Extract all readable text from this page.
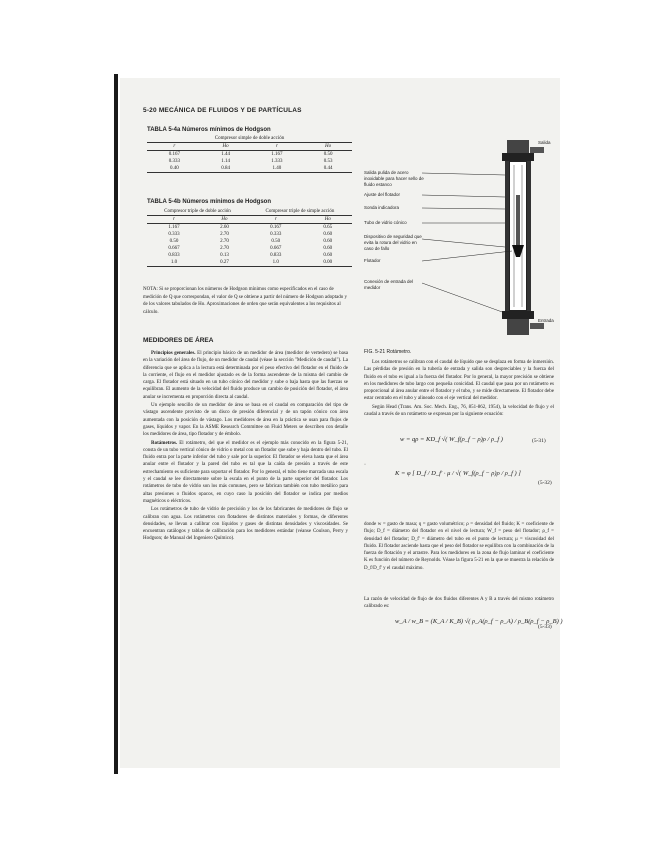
5-20 MECÁNICA DE FLUIDOS Y DE PARTÍCULAS
TABLA 5-4a Números mínimos de Hodgson
Compresor simple de doble acción			
r	Ho	r	Ho
0.167	1.44	1.167	0.50
0.333	1.14	1.333	0.53
0.40	0.84	1.40	0.44
TABLA 5-4b Números mínimos de Hodgson
Compresor triple de doble acción		Compresor triple de simple acción	
r	Ho	r	Ho
1.167	2.60	0.167	0.65
0.333	2.70	0.333	0.60
0.50	2.70	0.50	0.60
0.667	2.70	0.667	0.60
0.833	0.13	0.833	0.60
1.0	0.27	1.0	0.00
NOTA: Si se proporcionan los números de Hodgson mínimos como especificados en el caso de medición de Q que correspondan, el valor de Q se obtiene a partir del número de Hodgson adoptado y de los valores tabulados de Ho. Aproximaciones de orden que serán equivalentes a los requisitos al cálculo.
MEDIDORES DE ÁREA

Principios generales. El principio básico de un medidor de área (medidor de vertedero) se basa en la variación del área de flujo, de un medidor de caudal (véase la sección "Medición de caudal"). La diferencia que se aplica a la lectura está determinada por el peso efectivo del flotador en el fluido de la corriente, el flujo en el medidor ajustado es de la forma ascendente de la misma del cambio de carga. El flotador está situado en un tubo cónico del medidor y sube o baja hasta que las fuerzas se equilibran. El aumento de la velocidad del fluido produce un cambio de posición del flotador, el área anular se incrementa en proporción directa al caudal.

Un ejemplo sencillo de un medidor de área se basa en el caudal en comparación del tipo de vástago ascendente provisto de un disco de presión diferencial y de un tapón cónico con área aumentada con la posición de vástago. Los medidores de área en la práctica se usan para flujos de gases, líquidos y vapor. En la ASME Research Committee on Fluid Meters se describen con detalle los medidores de área, tipo flotador y de émbolo.

Rotámetros. El rotámetro, del que el medidor es el ejemplo más conocido en la figura 5-21, consta de un tubo vertical cónico de vidrio o metal con un flotador que sube y baja dentro del tubo. El fluido entra por la parte inferior del tubo y sale por la superior. El flotador se eleva hasta que el área anular entre el flotador y la pared del tubo es tal que la caída de presión a través de este estrechamiento es suficiente para soportar el flotador. Por lo general, el tubo tiene marcada una escala y el caudal se lee directamente sobre la escala en el punto de la parte superior del flotador. Los rotámetros de tubo de vidrio son los más comunes, pero se fabrican también con tubo metálico para altas presiones o fluidos opacos, en cuyo caso la posición del flotador se indica por medios magnéticos o eléctricos.

Los rotámetros de tubo de vidrio de precisión y los de los fabricantes de medidores de flujo se calibran con agua. Los rotámetros con flotadores de distintos materiales y formas, de diferentes densidades, se llevan a calibrar con líquidos y gases de distintas densidades y viscosidades. Se encuentran catálogos y tablas de calibración para los medidores estándar (véanse Coulson, Perry y Hodgson; de Manual del Ingeniero Químico).

Salida
Entrada
Salida pulida de acero inoxidable para hacer sello de fluido estanco
Ajuste del flotador
Sonda indicadora
Tubo de vidrio cónico
Dispositivo de seguridad que evita la rotura del vidrio en caso de fallo
Flotador
Conexión de entrada del medidor
FIG. 5-21 Rotámetro.

Los rotámetros se calibran con el caudal de líquido que se desplaza en forma de inmersión. Las pérdidas de presión en la tubería de entrada y salida son despreciables y la fuerza del fluido en el tubo es igual a la fuerza del flotador. Por lo general, la mayor precisión se obtiene en los medidores de tubo largo con pequeña conicidad. El caudal que pasa por un rotámetro es proporcional al área anular entre el flotador y el tubo, y se mide directamente. El flotador debe estar centrado en el tubo y alineado con el eje vertical del medidor.

Según Head (Trans. Am. Soc. Mech. Eng., 76, 851-862, 1954), la velocidad de flujo y el caudal a través de un rotámetro se expresan por la siguiente ecuación:

w = qρ = KD_f √( W_f(ρ_f − ρ)ρ / ρ_f )	(5-31)
·
K = φ [ D_f / D_f' · μ / √( W_f(ρ_f − ρ)ρ / ρ_f ) ]
(5-32)
donde w = gasto de masa; q = gasto volumétrico; ρ = densidad del fluido; K = coeficiente de flujo; D_f = diámetro del flotador en el nivel de lectura; W_f = peso del flotador; ρ_f = densidad del flotador; D_f' = diámetro del tubo en el punto de lectura; μ = viscosidad del fluido. El flotador asciende hasta que el peso del flotador se equilibra con la combinación de la fuerza de flotación y el arrastre. Para los medidores en la zona de flujo laminar el coeficiente K es función del número de Reynolds. Véase la figura 5-21 en la que se muestra la relación de D_f/D_f' y el caudal máximo.
La razón de velocidad de flujo de dos fluidos diferentes A y B a través del mismo rotámetro calibrado es:
w_A / w_B = (K_A / K_B) √( ρ_A(ρ_f − ρ_A) / ρ_B(ρ_f − ρ_B) )
(5-33)
